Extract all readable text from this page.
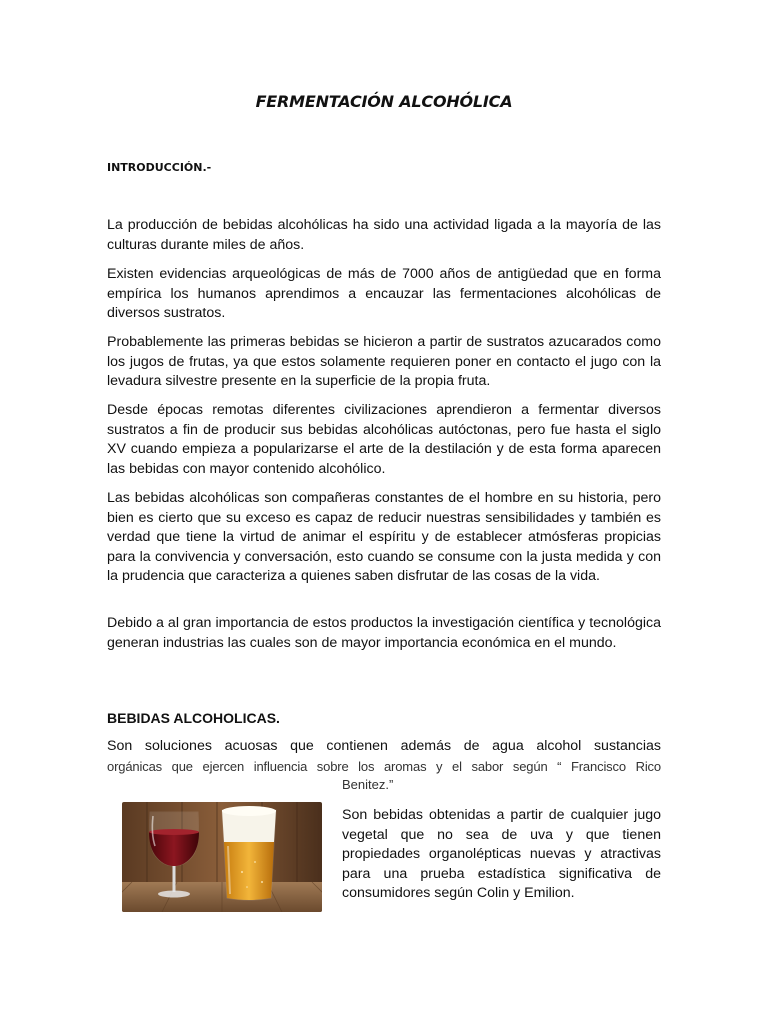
FERMENTACIÓN ALCOHÓLICA
INTRODUCCIÓN.-

La producción de bebidas alcohólicas ha sido una actividad ligada a la mayoría de las culturas durante miles de años.

Existen evidencias arqueológicas de más de 7000 años de antigüedad que en forma empírica los humanos aprendimos a encauzar las fermentaciones alcohólicas de diversos sustratos.

Probablemente las primeras bebidas se hicieron a partir de sustratos azucarados como los jugos de frutas, ya que estos solamente requieren poner en contacto el jugo con la levadura silvestre presente en la superficie de la propia fruta.

Desde épocas remotas diferentes civilizaciones aprendieron a fermentar diversos sustratos a fin de producir sus bebidas alcohólicas autóctonas, pero fue hasta el siglo XV cuando empieza a popularizarse el arte de la destilación y de esta forma aparecen las bebidas con mayor contenido alcohólico.

Las bebidas alcohólicas son compañeras constantes de el hombre en su historia, pero bien es cierto que su exceso es capaz de reducir nuestras sensibilidades y también es verdad que tiene la virtud de animar el espíritu y de establecer atmósferas propicias para la convivencia y conversación, esto cuando se consume con la justa medida y con la prudencia que caracteriza a quienes saben disfrutar de las cosas de la vida.

Debido a al gran importancia de estos productos la investigación científica y tecnológica generan industrias las cuales son de mayor importancia económica en el mundo.

BEBIDAS ALCOHOLICAS.
Son soluciones acuosas que contienen además de agua alcohol sustancias
orgánicas que ejercen influencia sobre los aromas y el sabor según “ Francisco Rico
Benitez.”

Son bebidas obtenidas a partir de cualquier jugo vegetal que no sea de uva y que tienen propiedades organolépticas nuevas y atractivas para una prueba estadística significativa de consumidores según Colin y Emilion.
